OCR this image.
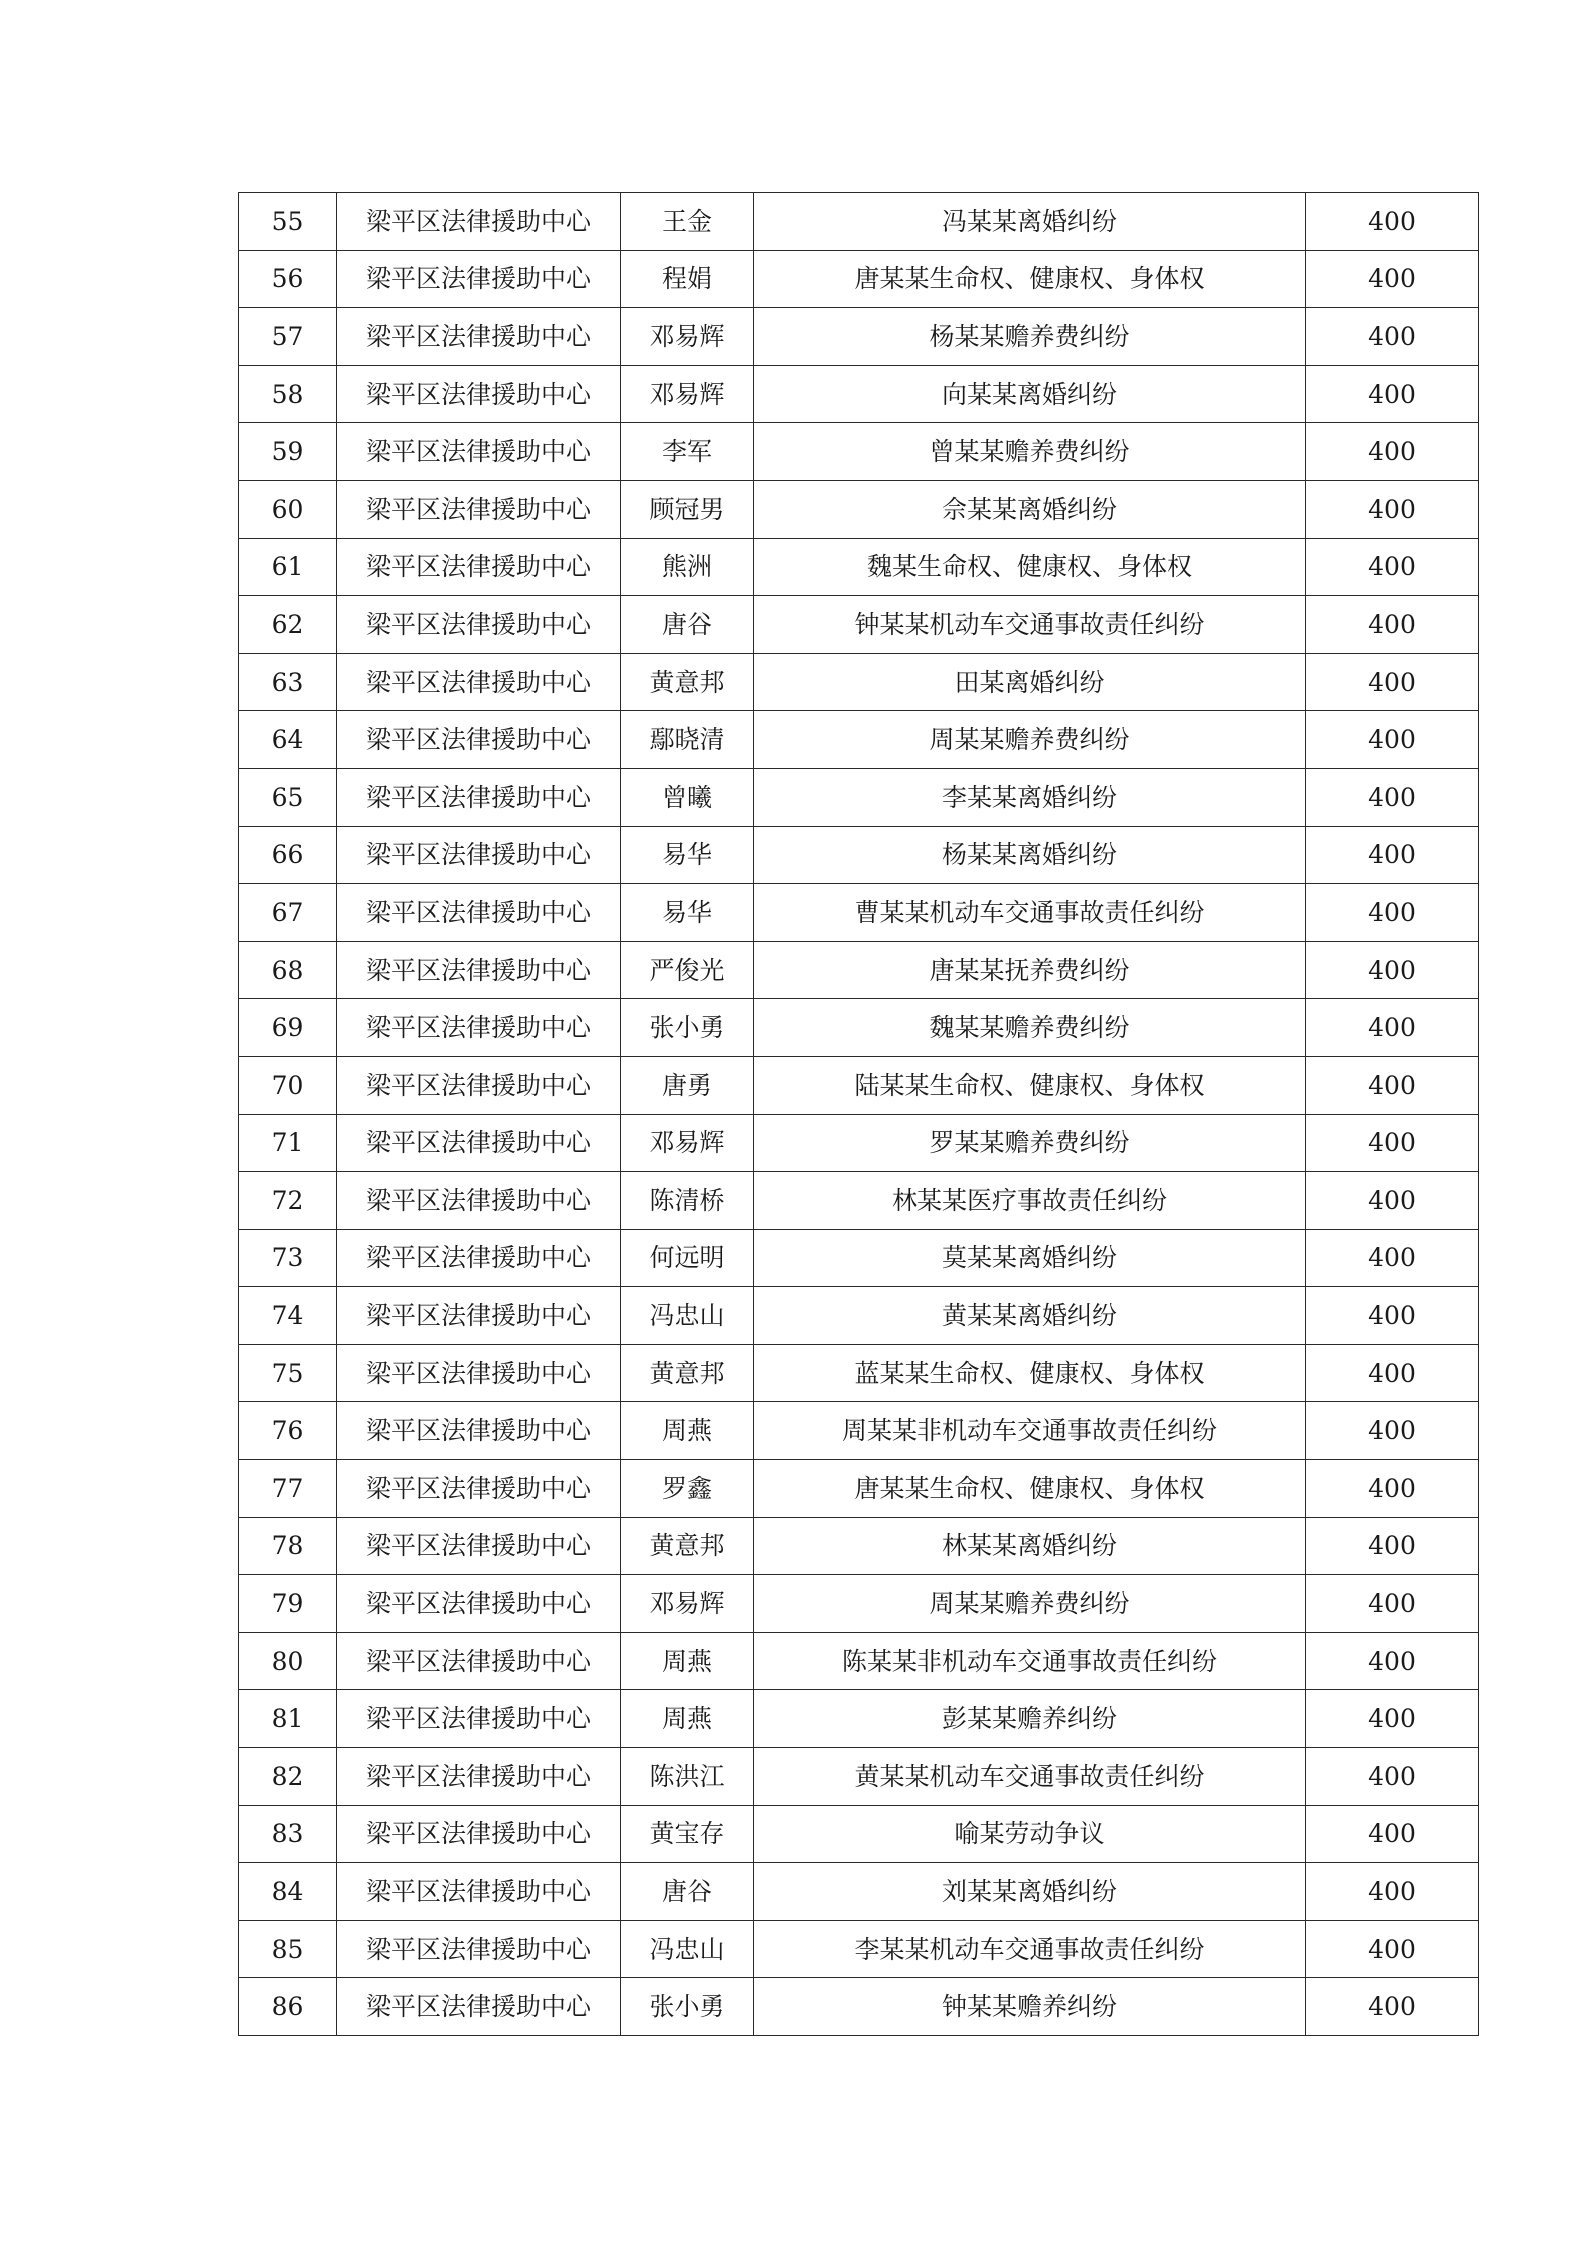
55	梁平区法律援助中心	王金	冯某某离婚纠纷	400
56	梁平区法律援助中心	程娟	唐某某生命权、健康权、身体权	400
57	梁平区法律援助中心	邓易辉	杨某某赡养费纠纷	400
58	梁平区法律援助中心	邓易辉	向某某离婚纠纷	400
59	梁平区法律援助中心	李军	曾某某赡养费纠纷	400
60	梁平区法律援助中心	顾冠男	佘某某离婚纠纷	400
61	梁平区法律援助中心	熊洲	魏某生命权、健康权、身体权	400
62	梁平区法律援助中心	唐谷	钟某某机动车交通事故责任纠纷	400
63	梁平区法律援助中心	黄意邦	田某离婚纠纷	400
64	梁平区法律援助中心	鄢晓清	周某某赡养费纠纷	400
65	梁平区法律援助中心	曾曦	李某某离婚纠纷	400
66	梁平区法律援助中心	易华	杨某某离婚纠纷	400
67	梁平区法律援助中心	易华	曹某某机动车交通事故责任纠纷	400
68	梁平区法律援助中心	严俊光	唐某某抚养费纠纷	400
69	梁平区法律援助中心	张小勇	魏某某赡养费纠纷	400
70	梁平区法律援助中心	唐勇	陆某某生命权、健康权、身体权	400
71	梁平区法律援助中心	邓易辉	罗某某赡养费纠纷	400
72	梁平区法律援助中心	陈清桥	林某某医疗事故责任纠纷	400
73	梁平区法律援助中心	何远明	莫某某离婚纠纷	400
74	梁平区法律援助中心	冯忠山	黄某某离婚纠纷	400
75	梁平区法律援助中心	黄意邦	蓝某某生命权、健康权、身体权	400
76	梁平区法律援助中心	周燕	周某某非机动车交通事故责任纠纷	400
77	梁平区法律援助中心	罗鑫	唐某某生命权、健康权、身体权	400
78	梁平区法律援助中心	黄意邦	林某某离婚纠纷	400
79	梁平区法律援助中心	邓易辉	周某某赡养费纠纷	400
80	梁平区法律援助中心	周燕	陈某某非机动车交通事故责任纠纷	400
81	梁平区法律援助中心	周燕	彭某某赡养纠纷	400
82	梁平区法律援助中心	陈洪江	黄某某机动车交通事故责任纠纷	400
83	梁平区法律援助中心	黄宝存	喻某劳动争议	400
84	梁平区法律援助中心	唐谷	刘某某离婚纠纷	400
85	梁平区法律援助中心	冯忠山	李某某机动车交通事故责任纠纷	400
86	梁平区法律援助中心	张小勇	钟某某赡养纠纷	400
